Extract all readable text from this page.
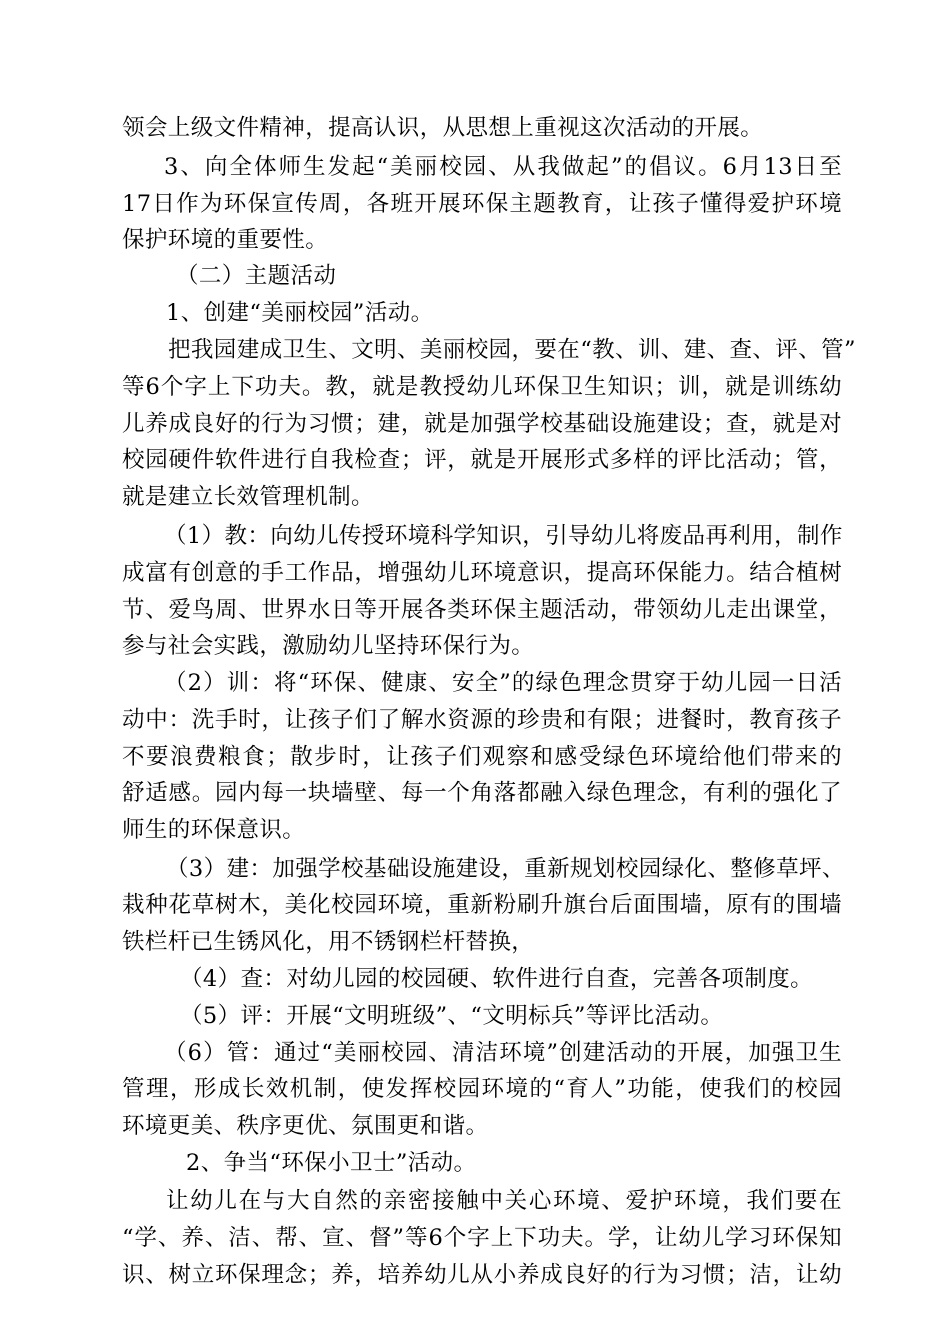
领会上级文件精神，提高认识，从思想上重视这次活动的开展。
3、向全体师生发起“美丽校园、从我做起”的倡议。6月13日至
17日作为环保宣传周，各班开展环保主题教育，让孩子懂得爱护环境
保护环境的重要性。
（二）主题活动
1、创建“美丽校园”活动。
把我园建成卫生、文明、美丽校园，要在“教、训、建、查、评、管”
等6个字上下功夫。教，就是教授幼儿环保卫生知识；训，就是训练幼
儿养成良好的行为习惯；建，就是加强学校基础设施建设；查，就是对
校园硬件软件进行自我检查；评，就是开展形式多样的评比活动；管，
就是建立长效管理机制。
（1）教：向幼儿传授环境科学知识，引导幼儿将废品再利用，制作
成富有创意的手工作品，增强幼儿环境意识，提高环保能力。结合植树
节、爱鸟周、世界水日等开展各类环保主题活动，带领幼儿走出课堂，
参与社会实践，激励幼儿坚持环保行为。
（2）训：将“环保、健康、安全”的绿色理念贯穿于幼儿园一日活
动中：洗手时，让孩子们了解水资源的珍贵和有限；进餐时，教育孩子
不要浪费粮食；散步时，让孩子们观察和感受绿色环境给他们带来的
舒适感。园内每一块墙壁、每一个角落都融入绿色理念，有利的强化了
师生的环保意识。
（3）建：加强学校基础设施建设，重新规划校园绿化、整修草坪、
栽种花草树木，美化校园环境，重新粉刷升旗台后面围墙，原有的围墙
铁栏杆已生锈风化，用不锈钢栏杆替换，
（4）查：对幼儿园的校园硬、软件进行自查，完善各项制度。
（5）评：开展“文明班级”、“文明标兵”等评比活动。
（6）管：通过“美丽校园、清洁环境”创建活动的开展，加强卫生
管理，形成长效机制，使发挥校园环境的“育人”功能，使我们的校园
环境更美、秩序更优、氛围更和谐。
2、争当“环保小卫士”活动。
让幼儿在与大自然的亲密接触中关心环境、爱护环境，我们要在
“学、养、洁、帮、宣、督”等6个字上下功夫。学，让幼儿学习环保知
识、树立环保理念；养，培养幼儿从小养成良好的行为习惯；洁，让幼
